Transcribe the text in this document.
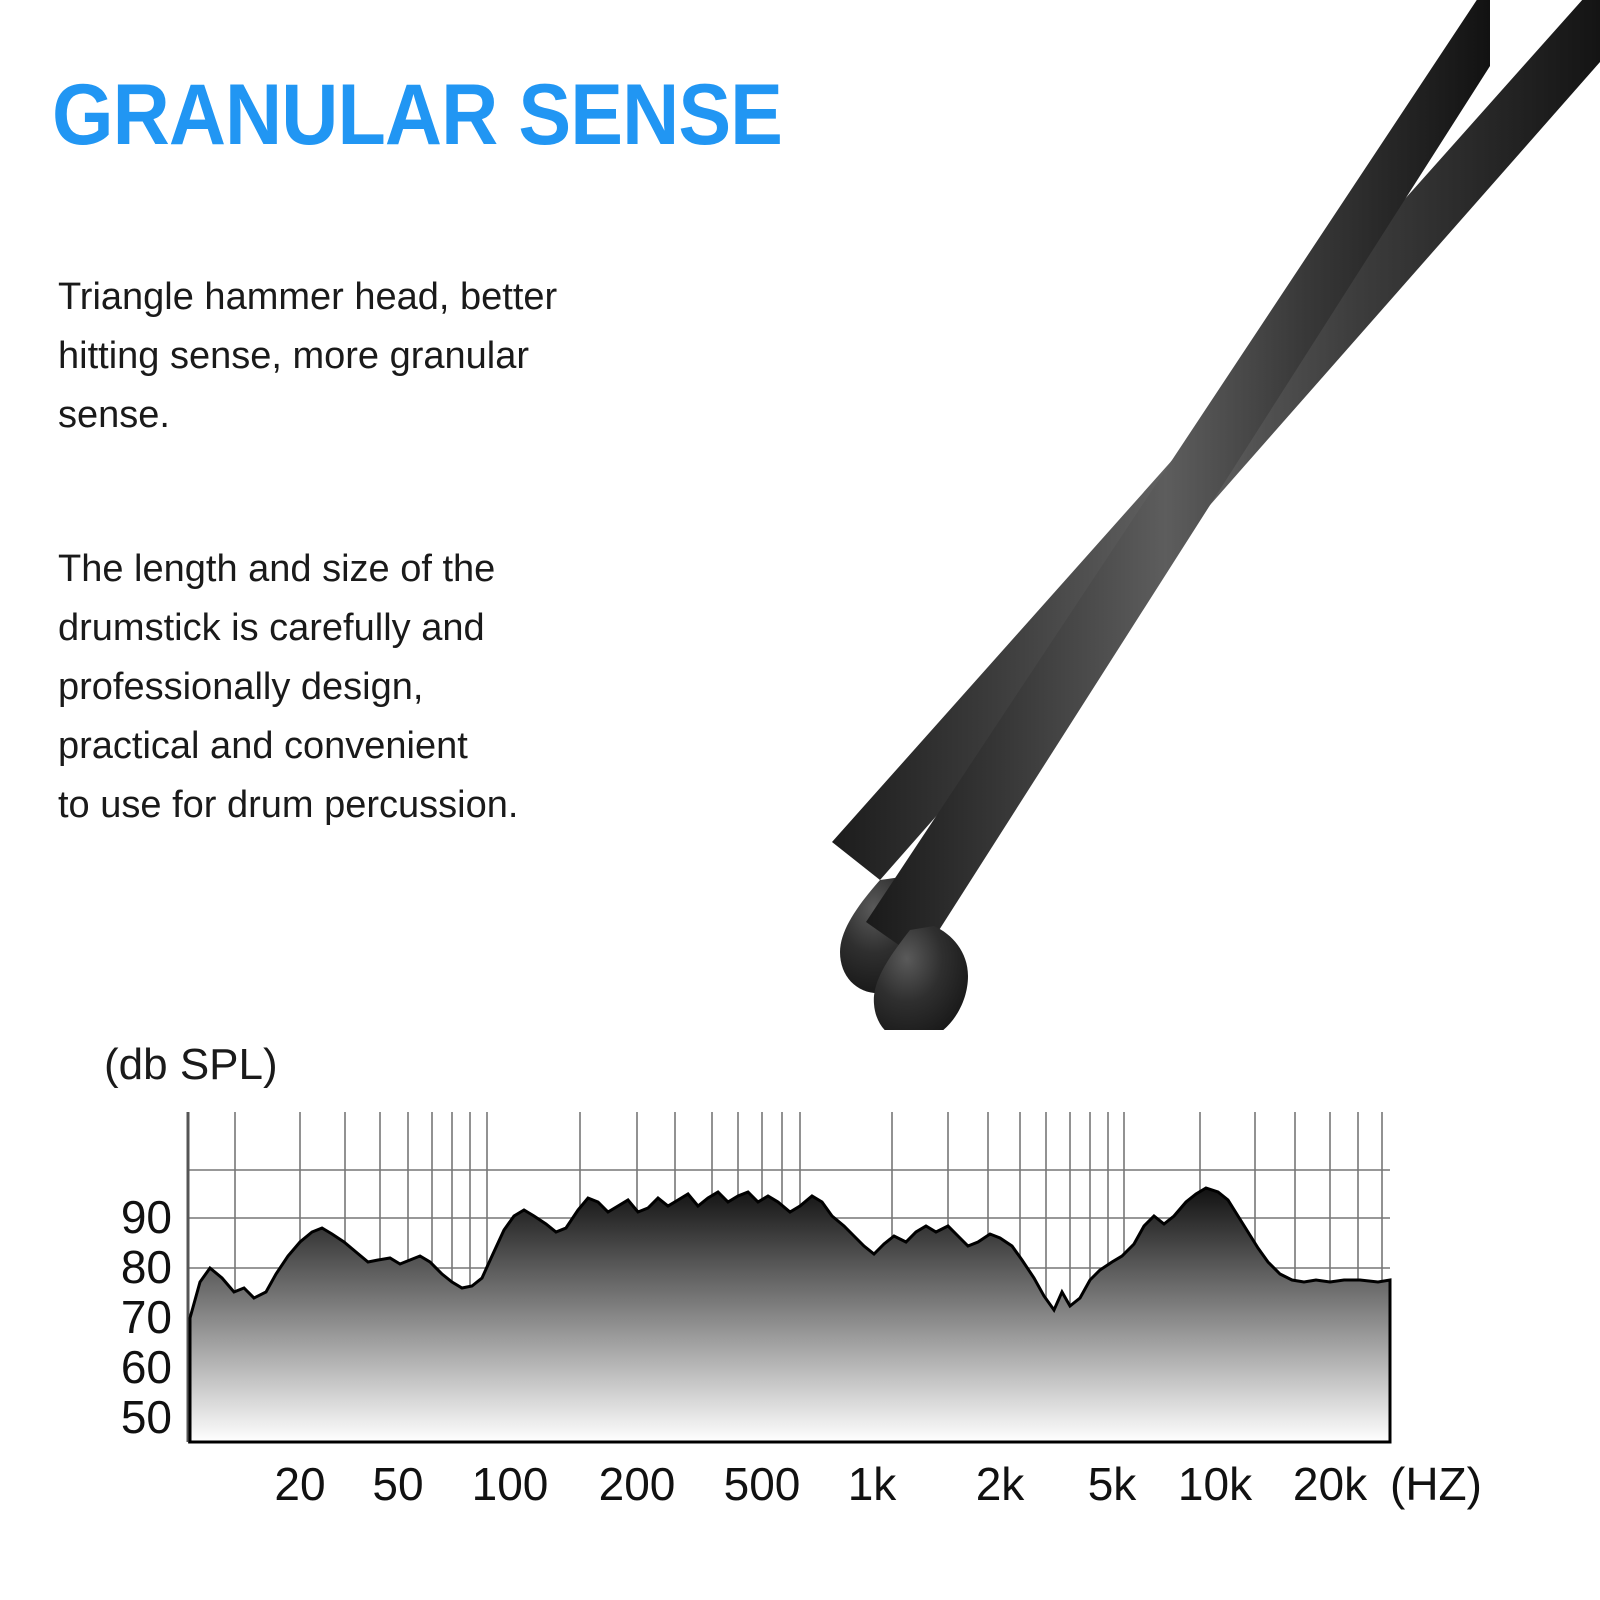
GRANULAR SENSE
Triangle hammer head, better
hitting sense, more granular
sense.
The length and size of the
drumstick is carefully and
professionally design,
practical and convenient
to use for drum percussion.
(db SPL)
90
80
70
60
50
20 50 100 200 500 1k 2k 5k 10k 20k (HZ)
